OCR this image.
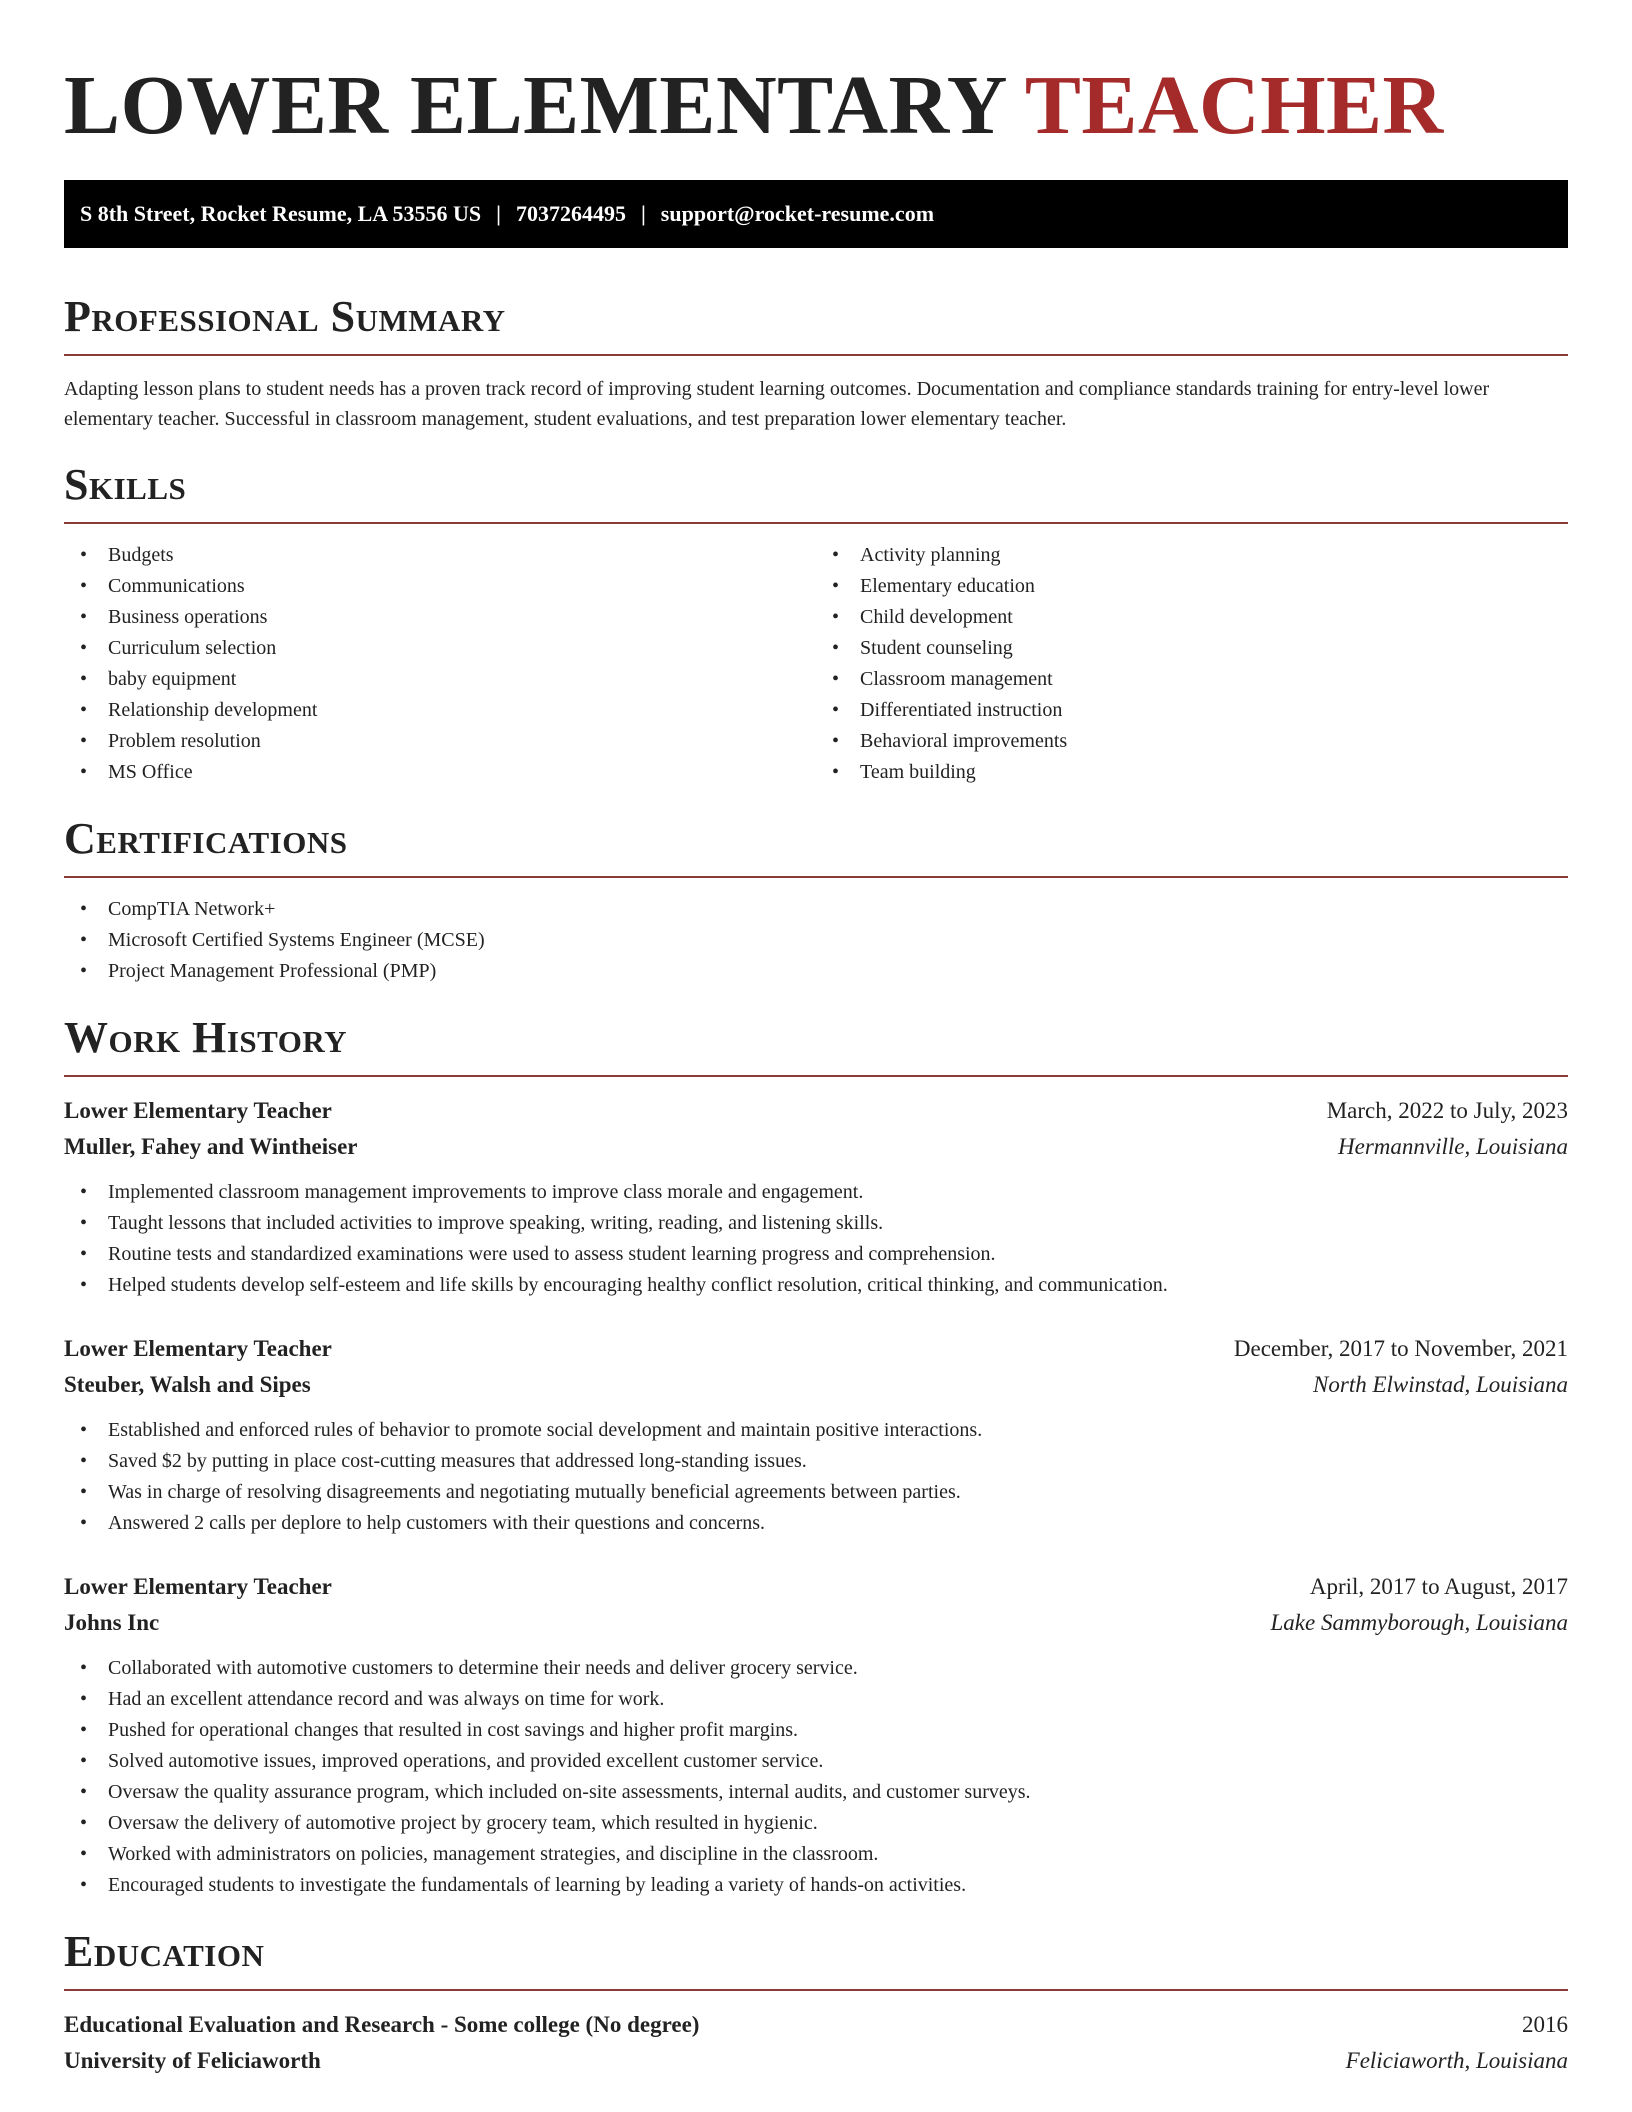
LOWER ELEMENTARY TEACHER
S 8th Street, Rocket Resume, LA 53556 US | 7037264495 | support@rocket-resume.com
Professional Summary

Adapting lesson plans to student needs has a proven track record of improving student learning outcomes. Documentation and compliance standards training for entry-level lower elementary teacher. Successful in classroom management, student evaluations, and test preparation lower elementary teacher.

Skills
• Budgets
• Communications
• Business operations
• Curriculum selection
• baby equipment
• Relationship development
• Problem resolution
• MS Office
• Activity planning
• Elementary education
• Child development
• Student counseling
• Classroom management
• Differentiated instruction
• Behavioral improvements
• Team building
Certifications
• CompTIA Network+
• Microsoft Certified Systems Engineer (MCSE)
• Project Management Professional (PMP)
Work History
Lower Elementary Teacher	March, 2022 to July, 2023
Muller, Fahey and Wintheiser	Hermannville, Louisiana
• Implemented classroom management improvements to improve class morale and engagement.
• Taught lessons that included activities to improve speaking, writing, reading, and listening skills.
• Routine tests and standardized examinations were used to assess student learning progress and comprehension.
• Helped students develop self-esteem and life skills by encouraging healthy conflict resolution, critical thinking, and communication.
Lower Elementary Teacher	December, 2017 to November, 2021
Steuber, Walsh and Sipes	North Elwinstad, Louisiana
• Established and enforced rules of behavior to promote social development and maintain positive interactions.
• Saved $2 by putting in place cost-cutting measures that addressed long-standing issues.
• Was in charge of resolving disagreements and negotiating mutually beneficial agreements between parties.
• Answered 2 calls per deplore to help customers with their questions and concerns.
Lower Elementary Teacher	April, 2017 to August, 2017
Johns Inc	Lake Sammyborough, Louisiana
• Collaborated with automotive customers to determine their needs and deliver grocery service.
• Had an excellent attendance record and was always on time for work.
• Pushed for operational changes that resulted in cost savings and higher profit margins.
• Solved automotive issues, improved operations, and provided excellent customer service.
• Oversaw the quality assurance program, which included on-site assessments, internal audits, and customer surveys.
• Oversaw the delivery of automotive project by grocery team, which resulted in hygienic.
• Worked with administrators on policies, management strategies, and discipline in the classroom.
• Encouraged students to investigate the fundamentals of learning by leading a variety of hands-on activities.
Education
Educational Evaluation and Research - Some college (No degree)	2016
University of Feliciaworth	Feliciaworth, Louisiana
